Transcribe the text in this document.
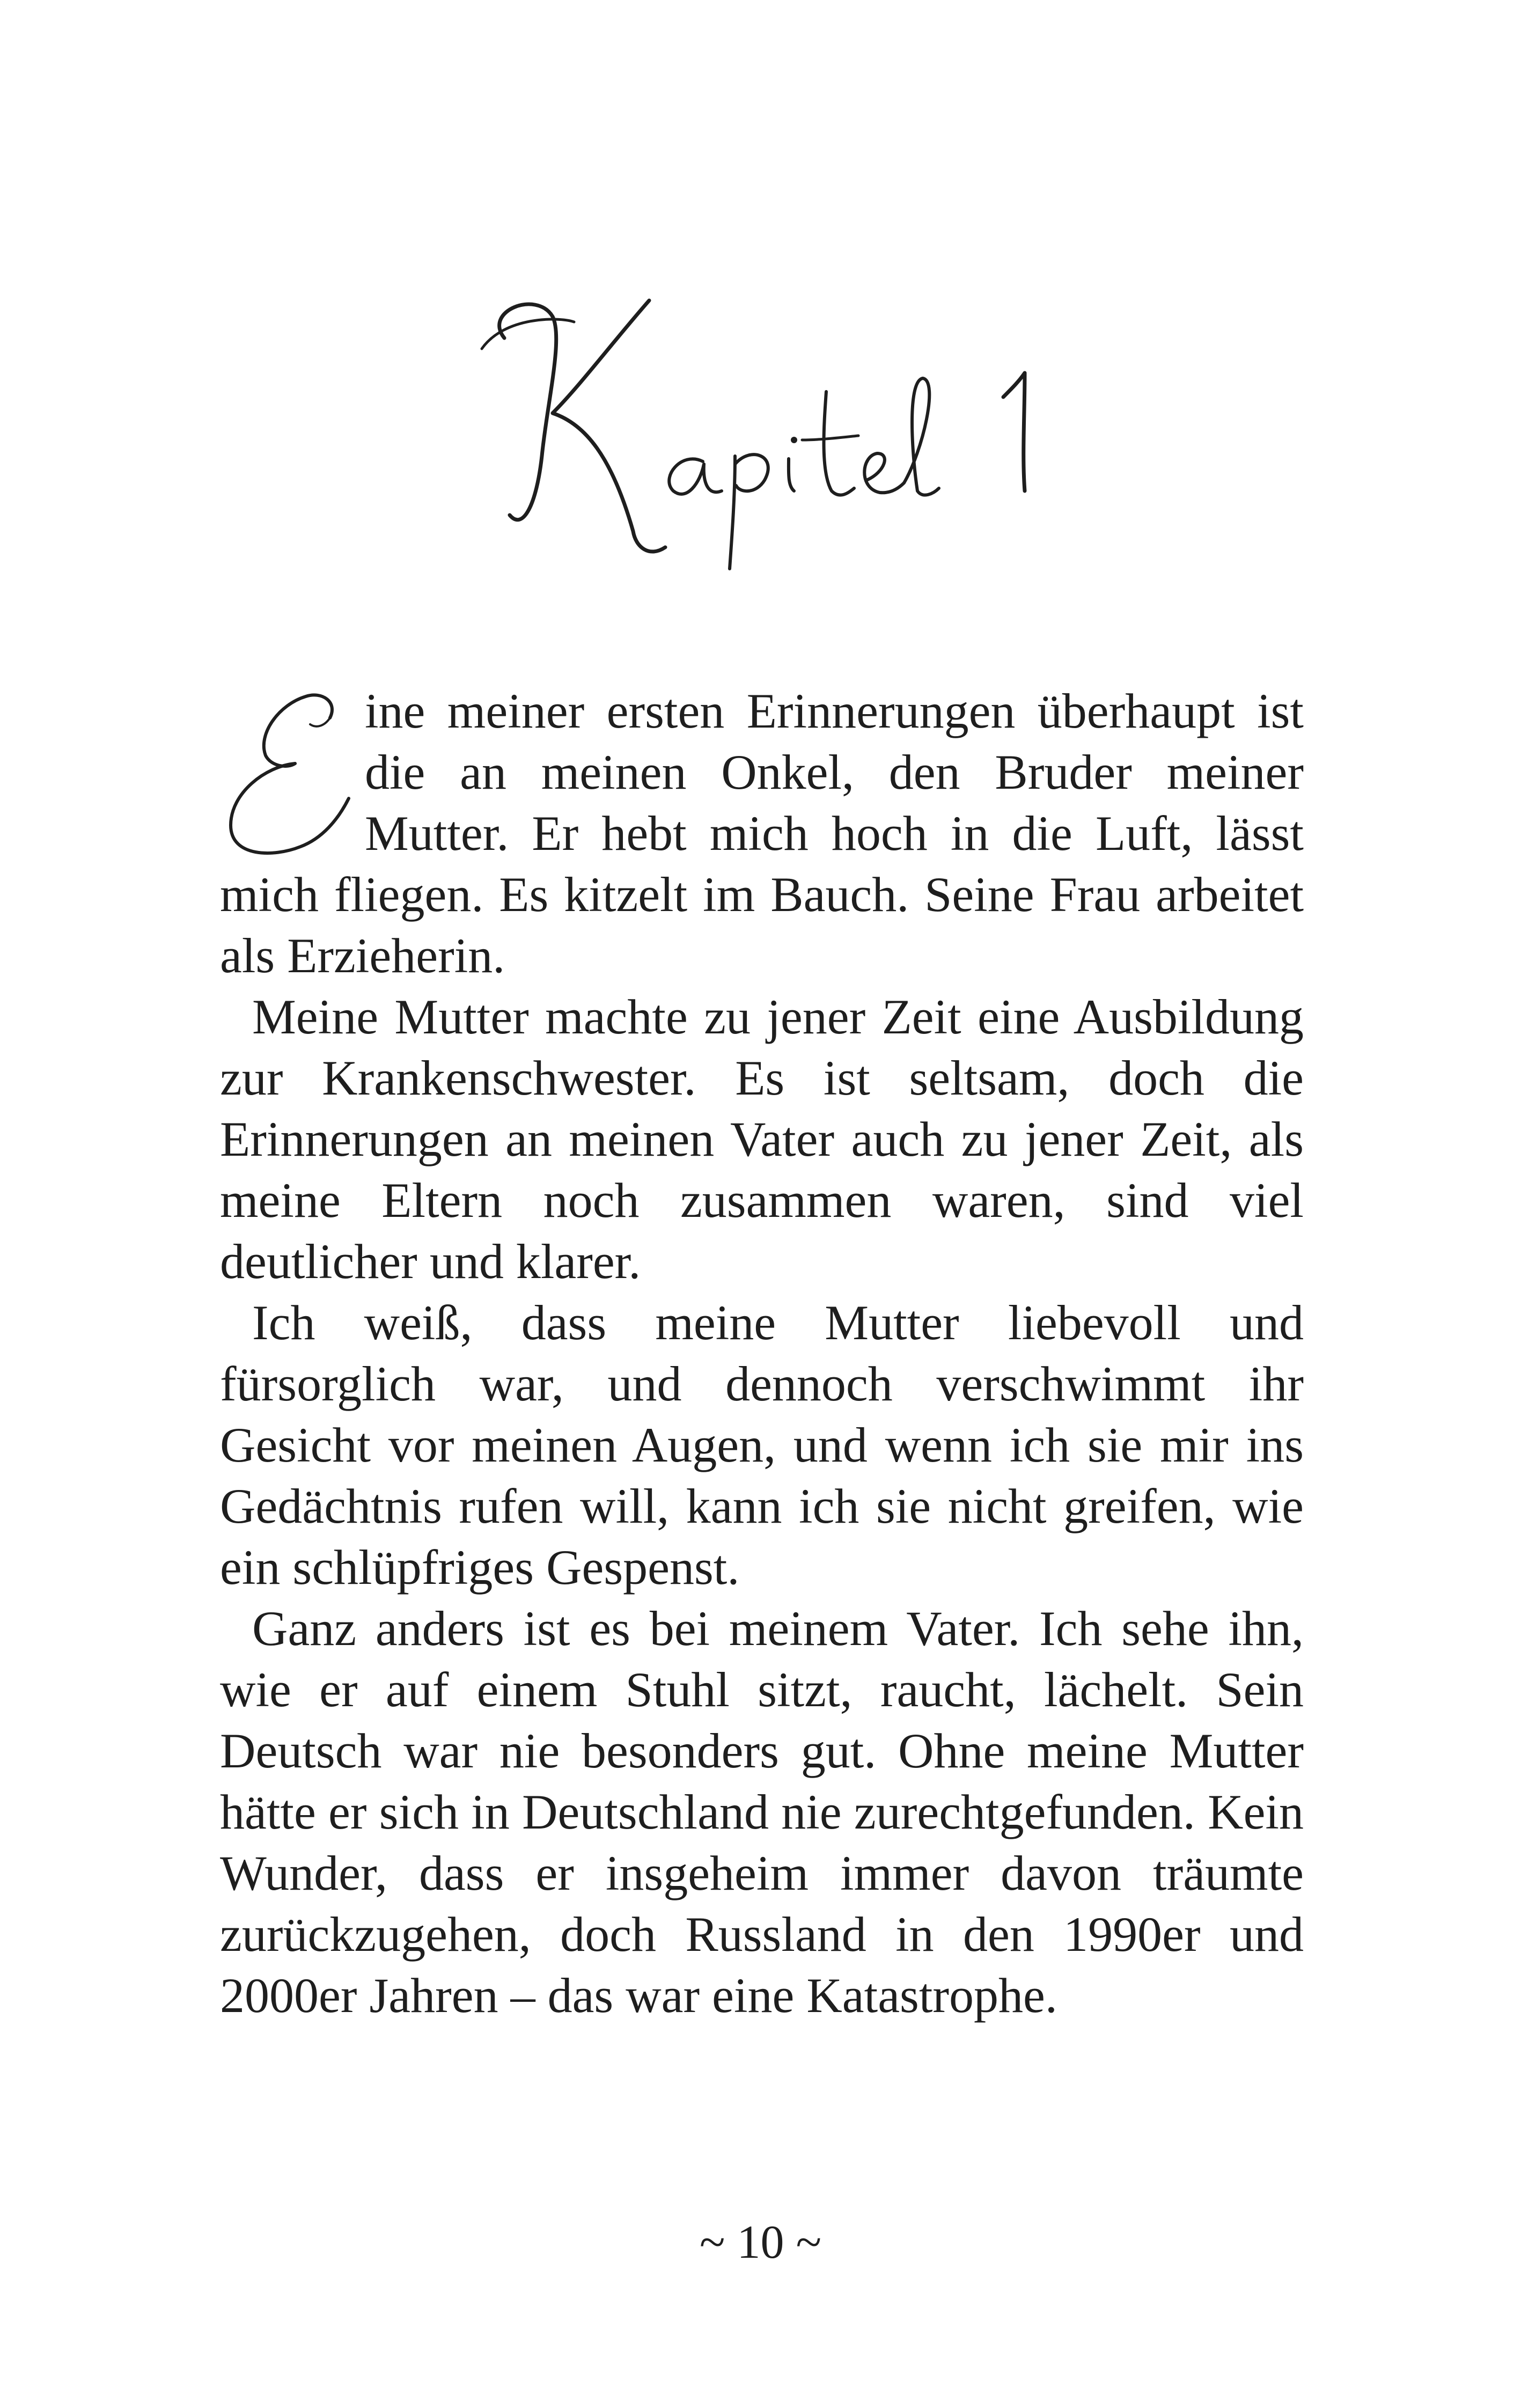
ine meiner ersten Erinnerungen überhaupt ist die an meinen Onkel, den Bruder meiner Mutter. Er hebt mich hoch in die Luft, lässt mich fliegen. Es kitzelt im Bauch. Seine Frau arbeitet als Erzieherin.

Meine Mutter machte zu jener Zeit eine Ausbildung zur Krankenschwester. Es ist seltsam, doch die Erinnerungen an meinen Vater auch zu jener Zeit, als meine Eltern noch zusammen waren, sind viel deutlicher und klarer.

Ich weiß, dass meine Mutter liebevoll und fürsorglich war, und dennoch verschwimmt ihr Gesicht vor meinen Augen, und wenn ich sie mir ins Gedächtnis rufen will, kann ich sie nicht greifen, wie ein schlüpfriges Gespenst.

Ganz anders ist es bei meinem Vater. Ich sehe ihn, wie er auf einem Stuhl sitzt, raucht, lächelt. Sein Deutsch war nie besonders gut. Ohne meine Mutter hätte er sich in Deutschland nie zurechtgefunden. Kein Wunder, dass er insgeheim immer davon träumte zurückzugehen, doch Russland in den 1990er und 2000er Jahren – das war eine Katastrophe.

~ 10 ~
